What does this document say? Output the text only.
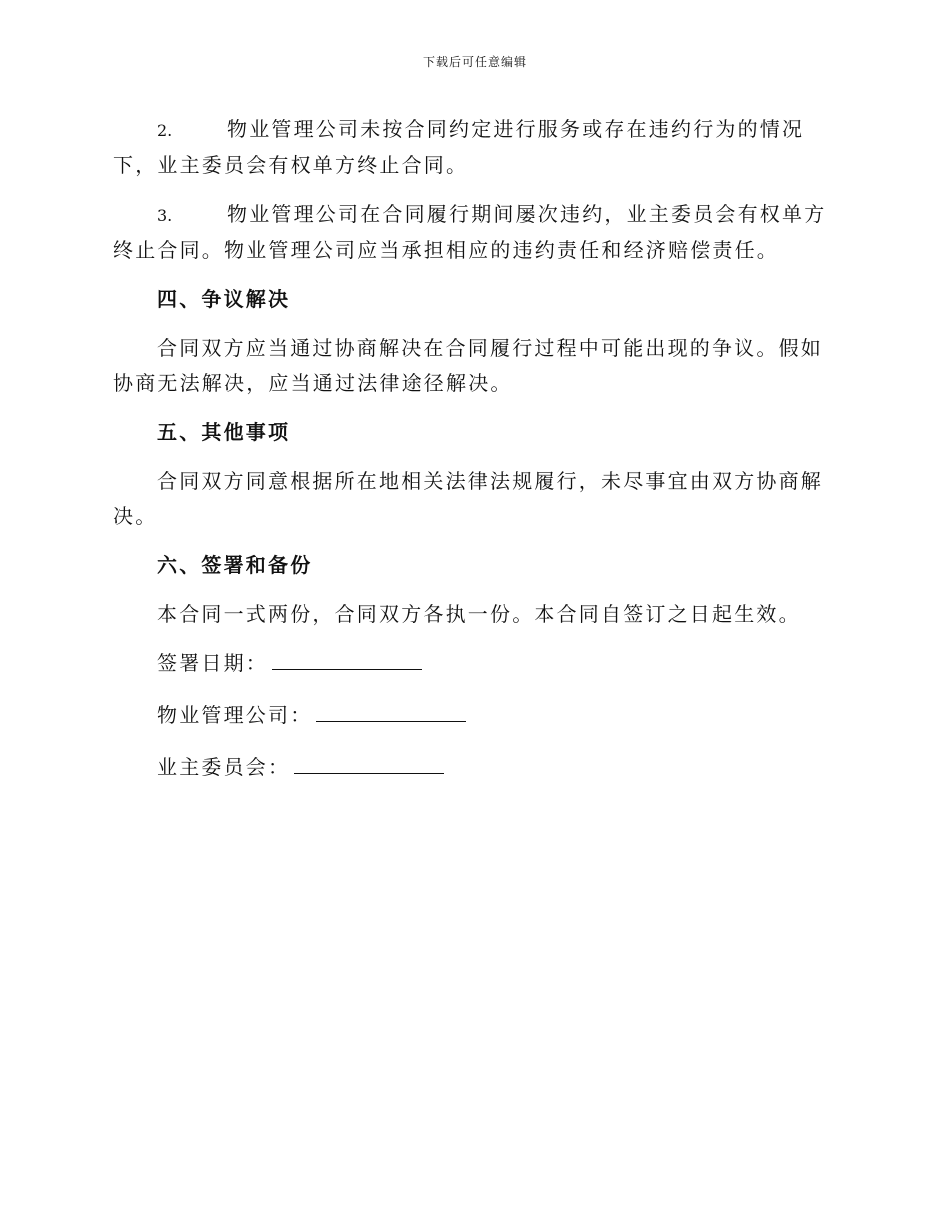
下载后可任意编辑

2.	物业管理公司未按合同约定进行服务或存在违约行为的情况下，业主委员会有权单方终止合同。

3.	物业管理公司在合同履行期间屡次违约，业主委员会有权单方终止合同。物业管理公司应当承担相应的违约责任和经济赔偿责任。

四、争议解决

合同双方应当通过协商解决在合同履行过程中可能出现的争议。假如协商无法解决，应当通过法律途径解决。

五、其他事项

合同双方同意根据所在地相关法律法规履行，未尽事宜由双方协商解决。

六、签署和备份

本合同一式两份，合同双方各执一份。本合同自签订之日起生效。

签署日期：
物业管理公司：
业主委员会：
